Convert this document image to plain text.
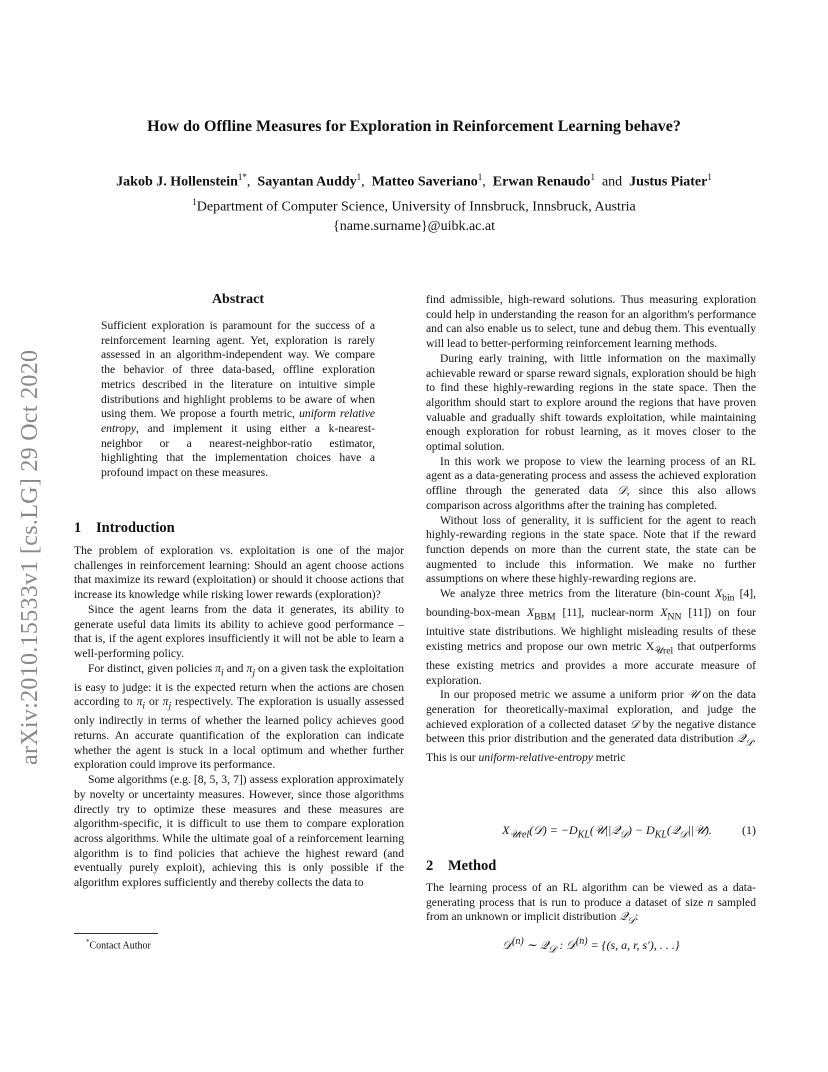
arXiv:2010.15533v1 [cs.LG] 29 Oct 2020
How do Offline Measures for Exploration in Reinforcement Learning behave?
Jakob J. Hollenstein$^{1*}$,  Sayantan Auddy$^1$,  Matteo Saveriano$^1$,  Erwan Renaudo$^1$  and  Justus Piater$^1$
$^1$Department of Computer Science, University of Innsbruck, Innsbruck, Austria
{name.surname}@uibk.ac.at
Abstract
Sufficient exploration is paramount for the success of a reinforcement learning agent. Yet, exploration is rarely assessed in an algorithm-independent way. We compare the behavior of three data-based, offline exploration metrics described in the literature on intuitive simple distributions and highlight problems to be aware of when using them. We propose a fourth metric, uniform relative entropy, and implement it using either a k-nearest-neighbor or a nearest-neighbor-ratio estimator, highlighting that the implementation choices have a profound impact on these measures.
1 Introduction

The problem of exploration vs. exploitation is one of the major challenges in reinforcement learning: Should an agent choose actions that maximize its reward (exploitation) or should it choose actions that increase its knowledge while risking lower rewards (exploration)?

Since the agent learns from the data it generates, its ability to generate useful data limits its ability to achieve good performance – that is, if the agent explores insufficiently it will not be able to learn a well-performing policy.

For distinct, given policies $\pi_i$ and $\pi_j$ on a given task the exploitation is easy to judge: it is the expected return when the actions are chosen according to $\pi_i$ or $\pi_j$ respectively. The exploration is usually assessed only indirectly in terms of whether the learned policy achieves good returns. An accurate quantification of the exploration can indicate whether the agent is stuck in a local optimum and whether further exploration could improve its performance.

Some algorithms (e.g. [8, 5, 3, 7]) assess exploration approximately by novelty or uncertainty measures. However, since those algorithms directly try to optimize these measures and these measures are algorithm-specific, it is difficult to use them to compare exploration across algorithms. While the ultimate goal of a reinforcement learning algorithm is to find policies that achieve the highest reward (and eventually purely exploit), achieving this is only possible if the algorithm explores sufficiently and thereby collects the data to

find admissible, high-reward solutions. Thus measuring exploration could help in understanding the reason for an algorithm's performance and can also enable us to select, tune and debug them. This eventually will lead to better-performing reinforcement learning methods.

During early training, with little information on the maximally achievable reward or sparse reward signals, exploration should be high to find these highly-rewarding regions in the state space. Then the algorithm should start to explore around the regions that have proven valuable and gradually shift towards exploitation, while maintaining enough exploration for robust learning, as it moves closer to the optimal solution.

In this work we propose to view the learning process of an RL agent as a data-generating process and assess the achieved exploration offline through the generated data 𝒟, since this also allows comparison across algorithms after the training has completed.

Without loss of generality, it is sufficient for the agent to reach highly-rewarding regions in the state space. Note that if the reward function depends on more than the current state, the state can be augmented to include this information. We make no further assumptions on where these highly-rewarding regions are.

We analyze three metrics from the literature (bin-count $X_{bin}$ [4], bounding-box-mean $X_{BBM}$ [11], nuclear-norm $X_{NN}$ [11]) on four intuitive state distributions. We highlight misleading results of these existing metrics and propose our own metric $X_{𝒰rel}$ that outperforms these existing metrics and provides a more accurate measure of exploration.

In our proposed metric we assume a uniform prior 𝒰 on the data generation for theoretically-maximal exploration, and judge the achieved exploration of a collected dataset 𝒟 by the negative distance between this prior distribution and the generated data distribution 𝒬$_𝒟$. This is our uniform-relative-entropy metric

$X_{𝒰rel}(𝒟)$ = $-D_{KL}(𝒰||𝒬_𝒟)$ − $D_{KL}(𝒬_𝒟||𝒰)$.	(1)
2 Method

The learning process of an RL algorithm can be viewed as a data-generating process that is run to produce a dataset of size n sampled from an unknown or implicit distribution 𝒬$_𝒟$:

𝒟$^{(n)}$ ∼ 𝒬$_𝒟$ : 𝒟$^{(n)}$ = {(s, a, r, s′), . . .}
*Contact Author
